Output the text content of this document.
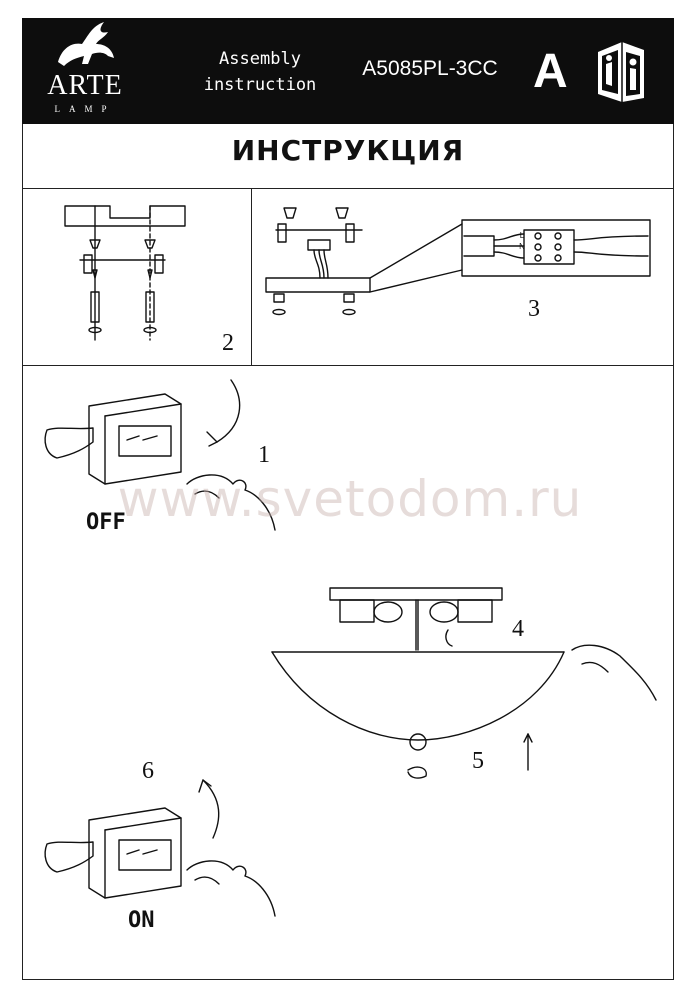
ARTE
LAMP
Assembly
instruction
A5085PL-3CC A
ИНСТРУКЦИЯ
2
L
N
3
1
OFF
www.svetodom.ru
4
5
6
ON
